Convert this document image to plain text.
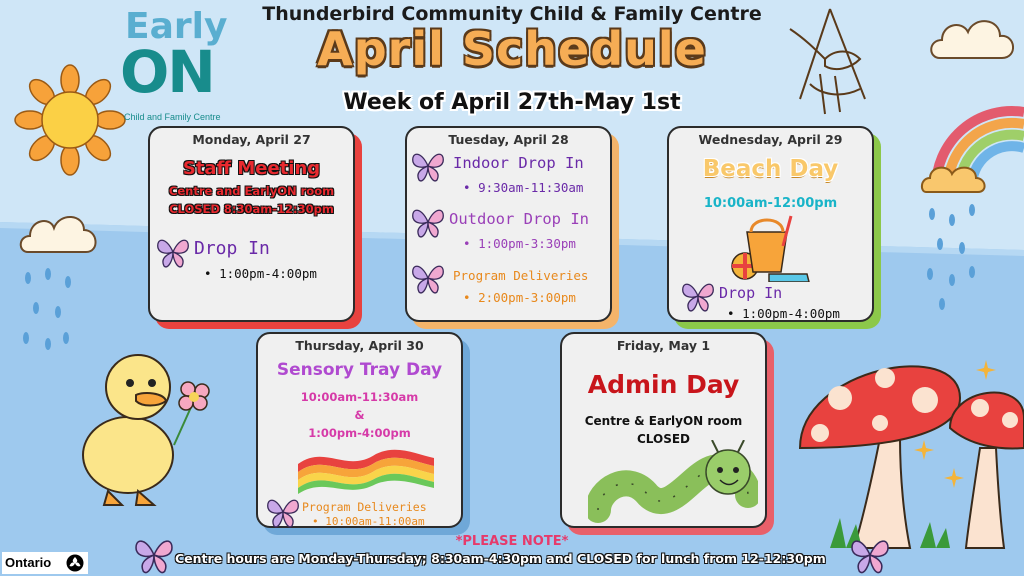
Early
ON
Child and Family Centre
Thunderbird Community Child & Family Centre
April Schedule
Week of April 27th-May 1st
Monday, April 27
Staff Meeting
Centre and EarlyON room
CLOSED 8:30am-12:30pm
Drop In
• 1:00pm-4:00pm
Tuesday, April 28
Indoor Drop In
• 9:30am-11:30am
Outdoor Drop In
• 1:00pm-3:30pm
Program Deliveries
• 2:00pm-3:00pm
Wednesday, April 29
Beach Day
10:00am-12:00pm
Drop In
• 1:00pm-4:00pm
Thursday, April 30
Sensory Tray Day
10:00am-11:30am
&
1:00pm-4:00pm
Program Deliveries
• 10:00am-11:00am
Friday, May 1
Admin Day
Centre & EarlyON room
CLOSED
*PLEASE NOTE*
Centre hours are Monday-Thursday; 8:30am-4:30pm and CLOSED for lunch from 12-12:30pm
Ontario
